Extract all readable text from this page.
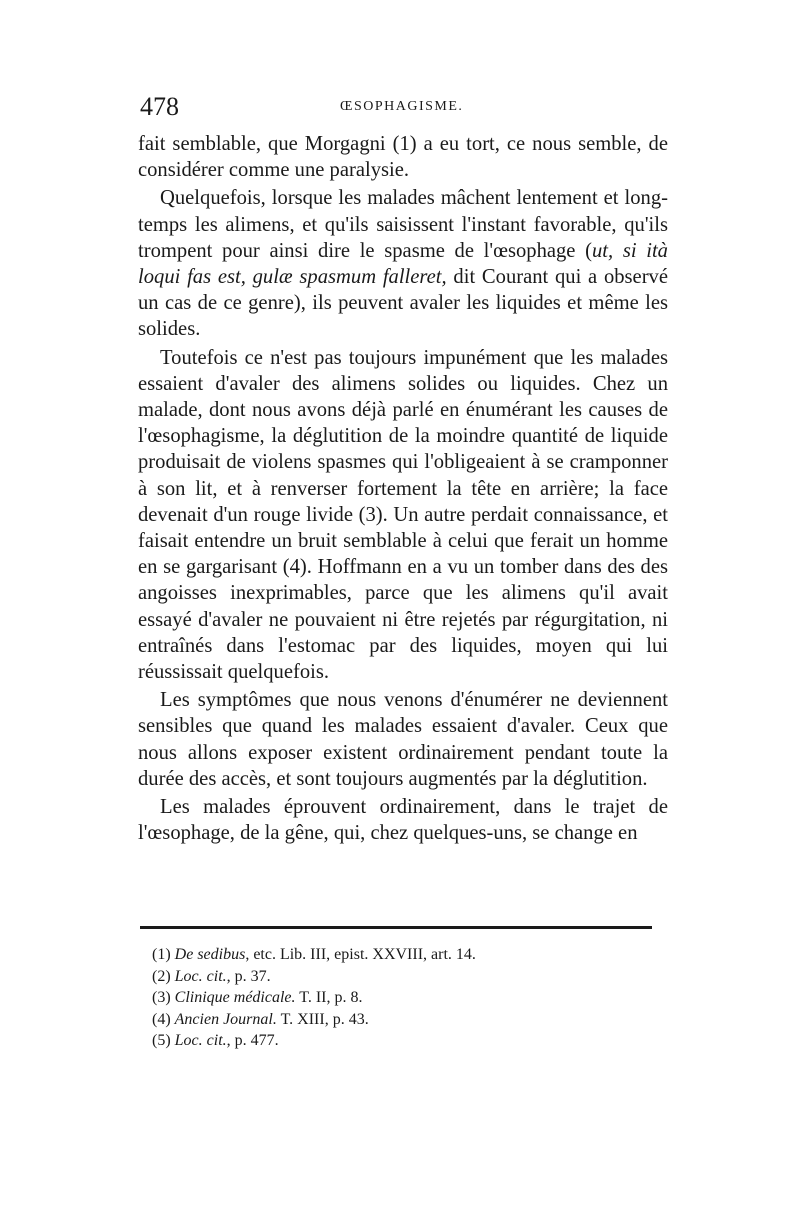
478	ŒSOPHAGISME.

fait semblable, que Morgagni (1) a eu tort, ce nous semble, de considérer comme une paralysie.

Quelquefois, lorsque les malades mâchent lentement et long-temps les alimens, et qu'ils saisissent l'instant favorable, qu'ils trompent pour ainsi dire le spasme de l'œsophage (ut, si ità loqui fas est, gulæ spasmum falleret, dit Courant qui a observé un cas de ce genre), ils peuvent avaler les liquides et même les solides.

Toutefois ce n'est pas toujours impunément que les malades essaient d'avaler des alimens solides ou liquides. Chez un malade, dont nous avons déjà parlé en énumérant les causes de l'œsophagisme, la déglutition de la moindre quantité de liquide produisait de violens spasmes qui l'obligeaient à se cramponner à son lit, et à renverser fortement la tête en arrière; la face devenait d'un rouge livide (3). Un autre perdait connaissance, et faisait entendre un bruit semblable à celui que ferait un homme en se gargarisant (4). Hoffmann en a vu un tomber dans des des angoisses inexprimables, parce que les alimens qu'il avait essayé d'avaler ne pouvaient ni être rejetés par régurgitation, ni entraînés dans l'estomac par des liquides, moyen qui lui réussissait quelquefois.

Les symptômes que nous venons d'énumérer ne deviennent sensibles que quand les malades essaient d'avaler. Ceux que nous allons exposer existent ordinairement pendant toute la durée des accès, et sont toujours augmentés par la déglutition.

Les malades éprouvent ordinairement, dans le trajet de l'œsophage, de la gêne, qui, chez quelques-uns, se change en

(1) De sedibus, etc. Lib. III, epist. XXVIII, art. 14.
(2) Loc. cit., p. 37.
(3) Clinique médicale. T. II, p. 8.
(4) Ancien Journal. T. XIII, p. 43.
(5) Loc. cit., p. 477.
